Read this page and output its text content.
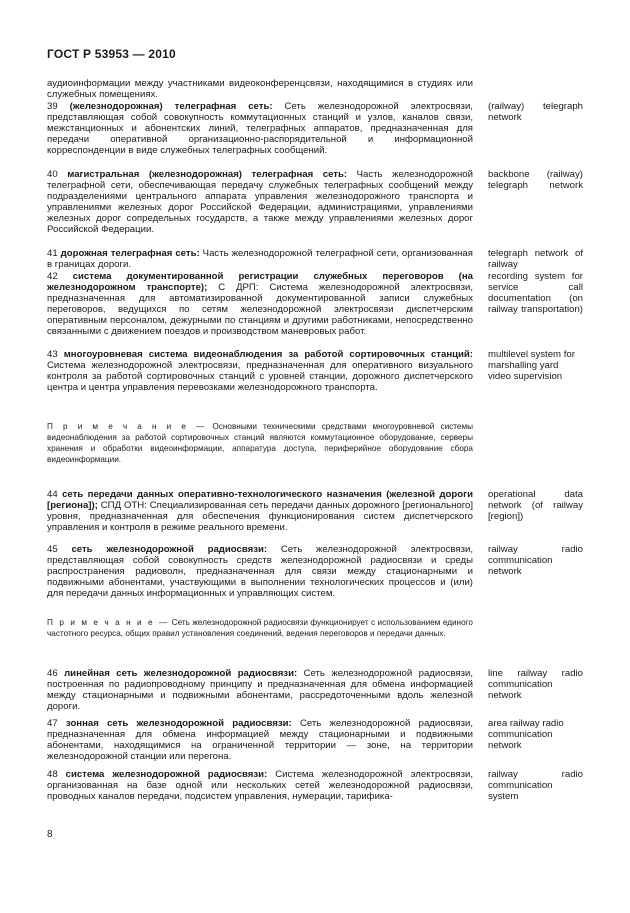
ГОСТ Р 53953 — 2010

аудиоинформации между участниками видеоконференцсвязи, находящимися в студиях или служебных помещениях.

39 (железнодорожная) телеграфная сеть: Сеть железнодорожной электросвязи, представляющая собой совокупность коммутационных станций и узлов, каналов связи, межстанционных и абонентских линий, телеграфных аппаратов, предназначенная для передачи оперативной организационно-распорядительной и информационной корреспонденции в виде служебных телеграфных сообщений.

(railway) telegraph network

40 магистральная (железнодорожная) телеграфная сеть: Часть железнодорожной телеграфной сети, обеспечивающая передачу служебных телеграфных сообщений между подразделениями центрального аппарата управления железнодорожного транспорта и управлениями железных дорог Российской Федерации, администрациями, управлениями железных дорог сопредельных государств, а также между управлениями железных дорог Российской Федерации.

backbone (railway) telegraph network

41 дорожная телеграфная сеть: Часть железнодорожной телеграфной сети, организованная в границах дороги.

telegraph network of railway

42 система документированной регистрации служебных переговоров (на железнодорожном транспорте); С ДРП: Система железнодорожной электросвязи, предназначенная для автоматизированной документированной записи служебных переговоров, ведущихся по сетям железнодорожной электросвязи диспетчерским оперативным персоналом, дежурными по станциям и другими работниками, непосредственно связанными с движением поездов и производством маневровых работ.

recording system for service call documentation (on railway transportation)

43 многоуровневая система видеонаблюдения за работой сортировочных станций: Система железнодорожной электросвязи, предназначенная для оперативного визуального контроля за работой сортировочных станций с уровней станции, дорожного диспетчерского центра и центра управления перевозками железнодорожного транспорта.

multilevel system for marshalling yard video supervision

П р и м е ч а н и е — Основными техническими средствами многоуровневой системы видеонаблюдения за работой сортировочных станций являются коммутационное оборудование, серверы хранения и обработки видеоинформации, аппаратура доступа, периферийное оборудование сбора видеоинформации.

44 сеть передачи данных оперативно-технологического назначения (железной дороги [региона]); СПД ОТН: Специализированная сеть передачи данных дорожного [регионального] уровня, предназначенная для обеспечения функционирования систем диспетчерского управления и контроля в режиме реального времени.

operational data network (of railway [region])

45 сеть железнодорожной радиосвязи: Сеть железнодорожной электросвязи, представляющая собой совокупность средств железнодорожной радиосвязи и среды распространения радиоволн, предназначенная для связи между стационарными и подвижными абонентами, участвующими в выполнении технологических процессов и (или) для передачи данных информационных и управляющих систем.

railway radio communication network

П р и м е ч а н и е — Сеть железнодорожной радиосвязи функционирует с использованием единого частотного ресурса, общих правил установления соединений, ведения переговоров и передачи данных.

46 линейная сеть железнодорожной радиосвязи: Сеть железнодорожной радиосвязи, построенная по радиопроводному принципу и предназначенная для обмена информацией между стационарными и подвижными абонентами, рассредоточенными вдоль железной дороги.

line railway radio communication network

47 зонная сеть железнодорожной радиосвязи: Сеть железнодорожной радиосвязи, предназначенная для обмена информацией между стационарными и подвижными абонентами, находящимися на ограниченной территории — зоне, на территории железнодорожной станции или перегона.

area railway radio communication network

48 система железнодорожной радиосвязи: Система железнодорожной электросвязи, организованная на базе одной или нескольких сетей железнодорожной радиосвязи, проводных каналов передачи, подсистем управления, нумерации, тарифика-

railway radio communication system
8
